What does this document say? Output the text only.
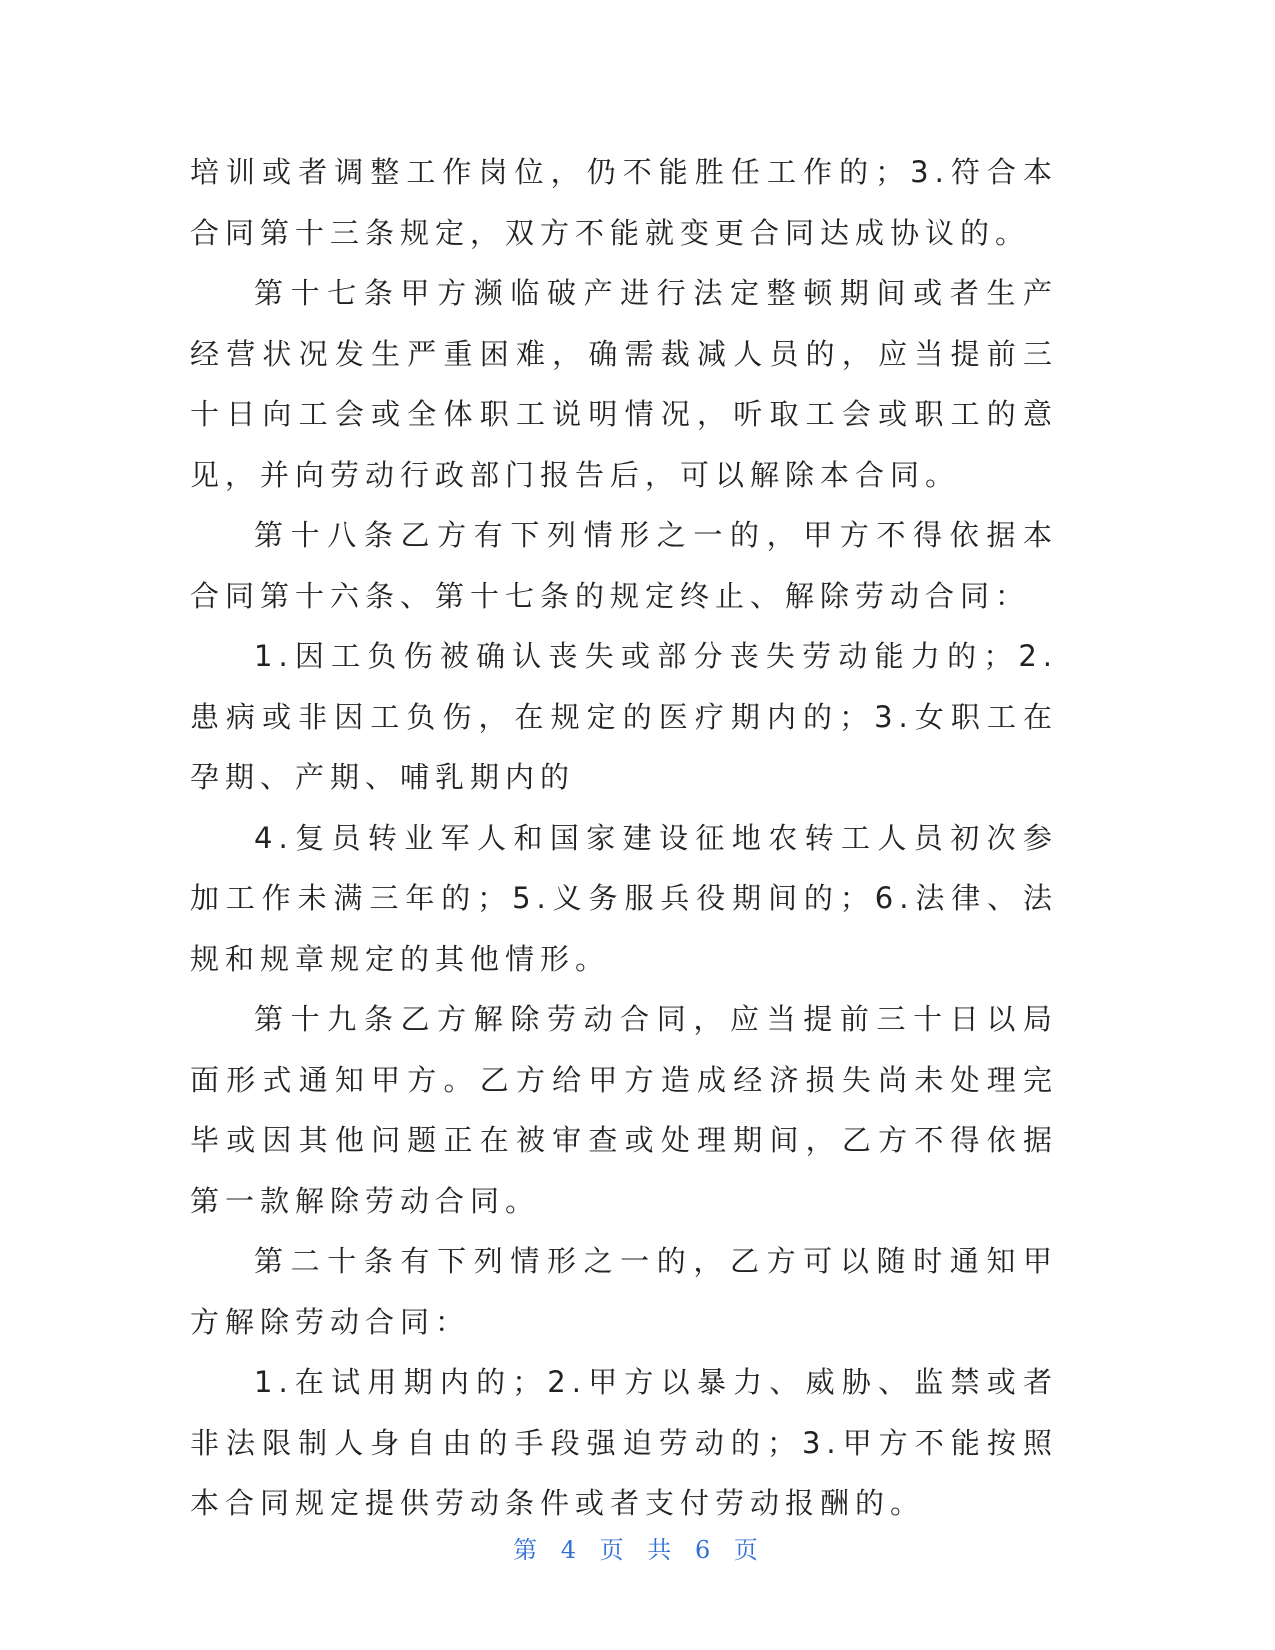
培训或者调整工作岗位，仍不能胜任工作的；3.符合本合同第十三条规定，双方不能就变更合同达成协议的。

第十七条甲方濒临破产进行法定整顿期间或者生产经营状况发生严重困难，确需裁减人员的，应当提前三十日向工会或全体职工说明情况，听取工会或职工的意见，并向劳动行政部门报告后，可以解除本合同。

第十八条乙方有下列情形之一的，甲方不得依据本合同第十六条、第十七条的规定终止、解除劳动合同：

1.因工负伤被确认丧失或部分丧失劳动能力的；2.患病或非因工负伤，在规定的医疗期内的；3.女职工在孕期、产期、哺乳期内的

4.复员转业军人和国家建设征地农转工人员初次参加工作未满三年的；5.义务服兵役期间的；6.法律、法规和规章规定的其他情形。

第十九条乙方解除劳动合同，应当提前三十日以局面形式通知甲方。乙方给甲方造成经济损失尚未处理完毕或因其他问题正在被审查或处理期间，乙方不得依据第一款解除劳动合同。

第二十条有下列情形之一的，乙方可以随时通知甲方解除劳动合同：

1.在试用期内的；2.甲方以暴力、威胁、监禁或者非法限制人身自由的手段强迫劳动的；3.甲方不能按照本合同规定提供劳动条件或者支付劳动报酬的。

第 4 页 共 6 页
